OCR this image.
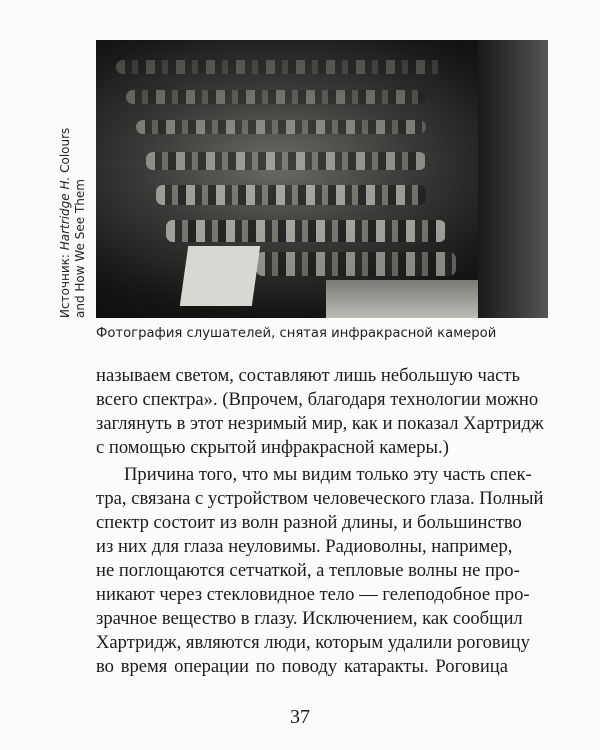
Источник: Hartridge H. Colours
and How We See Them
Фотография слушателей, снятая инфракрасной камерой
называем светом, составляют лишь небольшую часть
всего спектра». (Впрочем, благодаря технологии можно
заглянуть в этот незримый мир, как и показал Хартридж
с помощью скрытой инфракрасной камеры.)
Причина того, что мы видим только эту часть спек-
тра, связана с устройством человеческого глаза. Полный
спектр состоит из волн разной длины, и большинство
из них для глаза неуловимы. Радиоволны, например,
не поглощаются сетчаткой, а тепловые волны не про-
никают через стекловидное тело — гелеподобное про-
зрачное вещество в глазу. Исключением, как сообщил
Хартридж, являются люди, которым удалили роговицу
во время операции по поводу катаракты. Роговица
37
